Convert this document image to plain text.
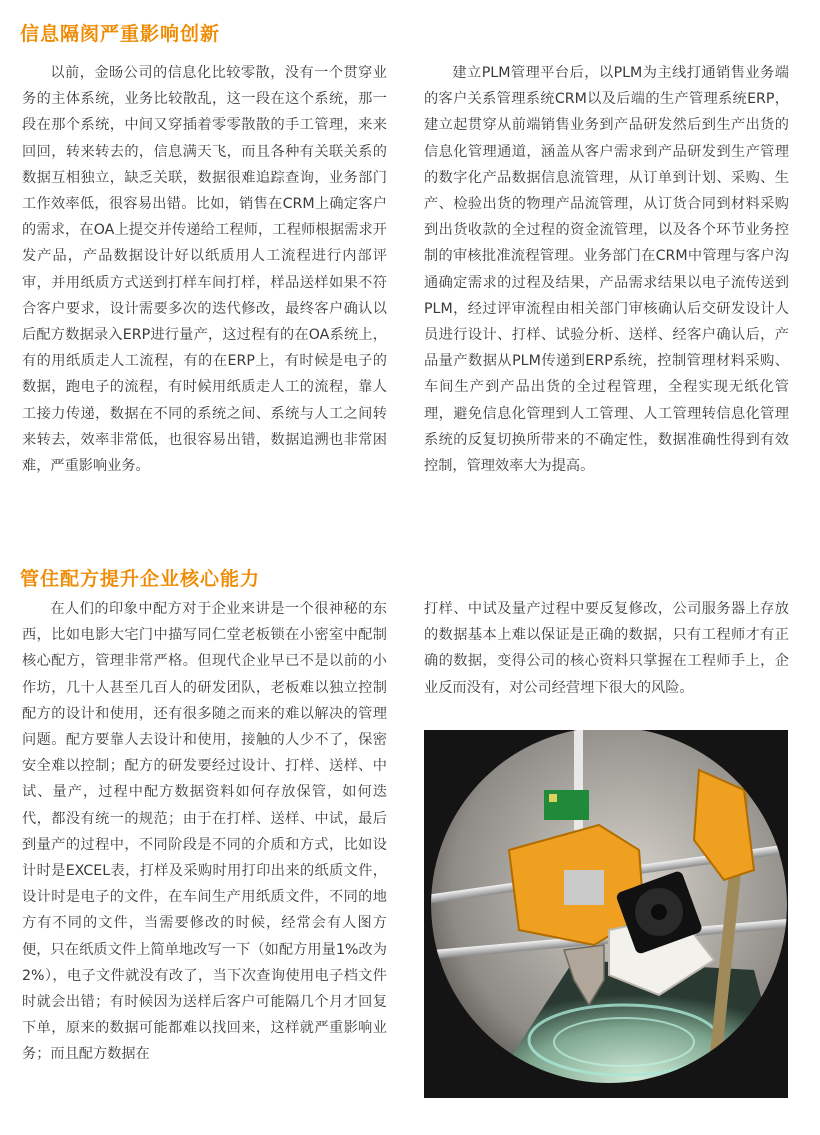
信息隔阂严重影响创新

以前，金旸公司的信息化比较零散，没有一个贯穿业务的主体系统，业务比较散乱，这一段在这个系统，那一段在那个系统，中间又穿插着零零散散的手工管理，来来回回，转来转去的，信息满天飞，而且各种有关联关系的数据互相独立，缺乏关联，数据很难追踪查询，业务部门工作效率低，很容易出错。比如，销售在CRM上确定客户的需求，在OA上提交并传递给工程师，工程师根据需求开发产品，产品数据设计好以纸质用人工流程进行内部评审，并用纸质方式送到打样车间打样，样品送样如果不符合客户要求，设计需要多次的迭代修改，最终客户确认以后配方数据录入ERP进行量产，这过程有的在OA系统上，有的用纸质走人工流程，有的在ERP上，有时候是电子的数据，跑电子的流程，有时候用纸质走人工的流程，靠人工接力传递，数据在不同的系统之间、系统与人工之间转来转去，效率非常低，也很容易出错，数据追溯也非常困难，严重影响业务。

建立PLM管理平台后，以PLM为主线打通销售业务端的客户关系管理系统CRM以及后端的生产管理系统ERP，建立起贯穿从前端销售业务到产品研发然后到生产出货的信息化管理通道，涵盖从客户需求到产品研发到生产管理的数字化产品数据信息流管理，从订单到计划、采购、生产、检验出货的物理产品流管理，从订货合同到材料采购到出货收款的全过程的资金流管理，以及各个环节业务控制的审核批准流程管理。业务部门在CRM中管理与客户沟通确定需求的过程及结果，产品需求结果以电子流传送到PLM，经过评审流程由相关部门审核确认后交研发设计人员进行设计、打样、试验分析、送样、经客户确认后，产品量产数据从PLM传递到ERP系统，控制管理材料采购、车间生产到产品出货的全过程管理，全程实现无纸化管理，避免信息化管理到人工管理、人工管理转信息化管理系统的反复切换所带来的不确定性，数据准确性得到有效控制，管理效率大为提高。

管住配方提升企业核心能力

在人们的印象中配方对于企业来讲是一个很神秘的东西，比如电影大宅门中描写同仁堂老板锁在小密室中配制核心配方，管理非常严格。但现代企业早已不是以前的小作坊，几十人甚至几百人的研发团队，老板难以独立控制配方的设计和使用，还有很多随之而来的难以解决的管理问题。配方要靠人去设计和使用，接触的人少不了，保密安全难以控制；配方的研发要经过设计、打样、送样、中试、量产，过程中配方数据资料如何存放保管，如何迭代，都没有统一的规范；由于在打样、送样、中试，最后到量产的过程中，不同阶段是不同的介质和方式，比如设计时是EXCEL表，打样及采购时用打印出来的纸质文件，设计时是电子的文件，在车间生产用纸质文件，不同的地方有不同的文件，当需要修改的时候，经常会有人图方便，只在纸质文件上简单地改写一下（如配方用量1%改为2%），电子文件就没有改了，当下次查询使用电子档文件时就会出错；有时候因为送样后客户可能隔几个月才回复下单，原来的数据可能都难以找回来，这样就严重影响业务；而且配方数据在

打样、中试及量产过程中要反复修改，公司服务器上存放的数据基本上难以保证是正确的数据，只有工程师才有正确的数据，变得公司的核心资料只掌握在工程师手上，企业反而没有，对公司经营埋下很大的风险。
